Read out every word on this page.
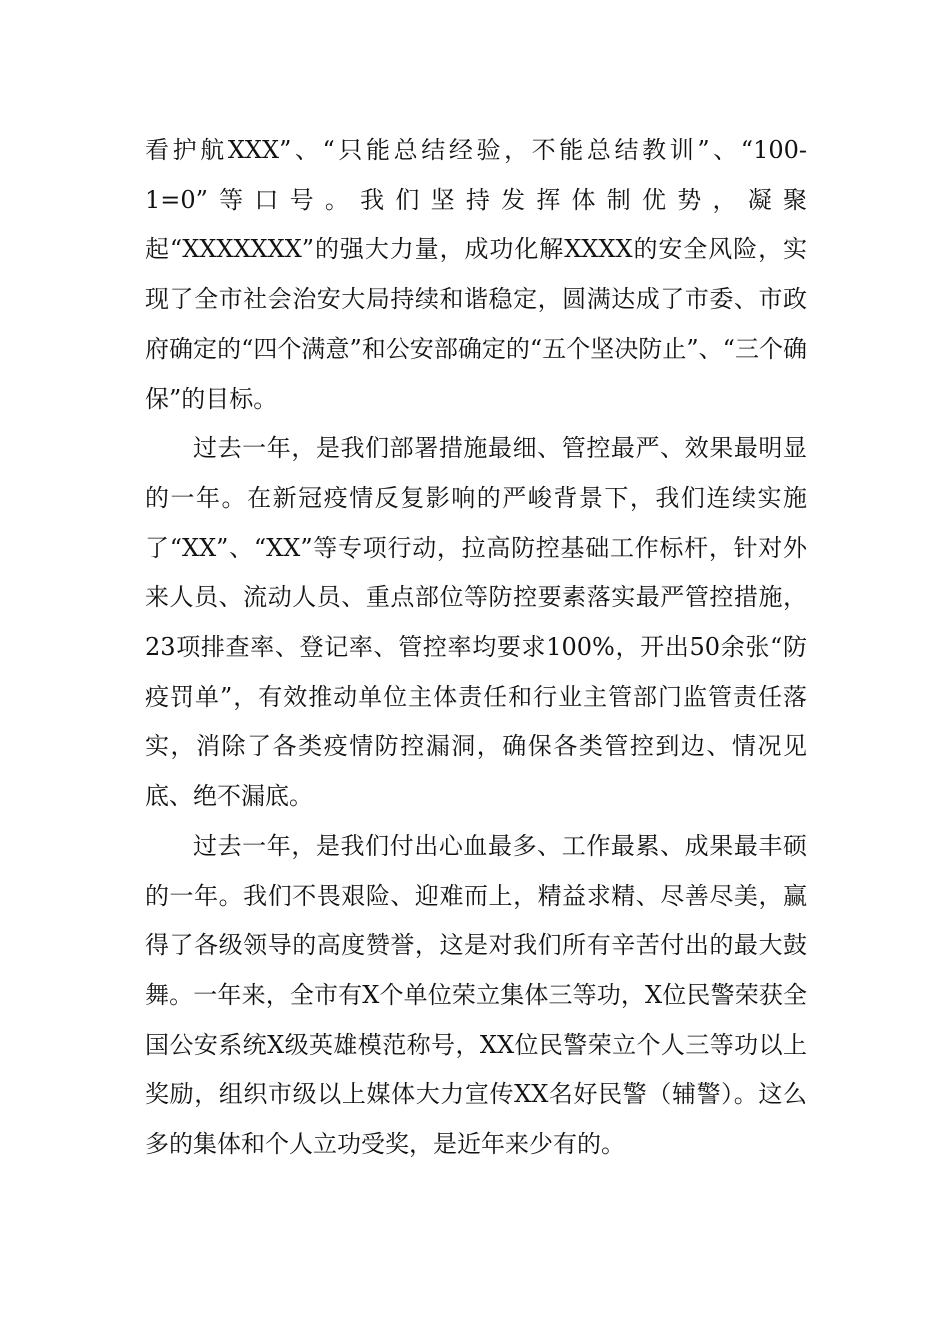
看护航XXX”、“只能总结经验，不能总结教训”、“100-1=0”等口号。我们坚持发挥体制优势，凝聚起“XXXXXXX”的强大力量，成功化解XXXX的安全风险，实现了全市社会治安大局持续和谐稳定，圆满达成了市委、市政府确定的“四个满意”和公安部确定的“五个坚决防止”、“三个确保”的目标。

过去一年，是我们部署措施最细、管控最严、效果最明显的一年。在新冠疫情反复影响的严峻背景下，我们连续实施了“XX”、“XX”等专项行动，拉高防控基础工作标杆，针对外来人员、流动人员、重点部位等防控要素落实最严管控措施，23项排查率、登记率、管控率均要求100%，开出50余张“防疫罚单”，有效推动单位主体责任和行业主管部门监管责任落实，消除了各类疫情防控漏洞，确保各类管控到边、情况见底、绝不漏底。

过去一年，是我们付出心血最多、工作最累、成果最丰硕的一年。我们不畏艰险、迎难而上，精益求精、尽善尽美，赢得了各级领导的高度赞誉，这是对我们所有辛苦付出的最大鼓舞。一年来，全市有X个单位荣立集体三等功，X位民警荣获全国公安系统X级英雄模范称号，XX位民警荣立个人三等功以上奖励，组织市级以上媒体大力宣传XX名好民警（辅警）。这么多的集体和个人立功受奖，是近年来少有的。
